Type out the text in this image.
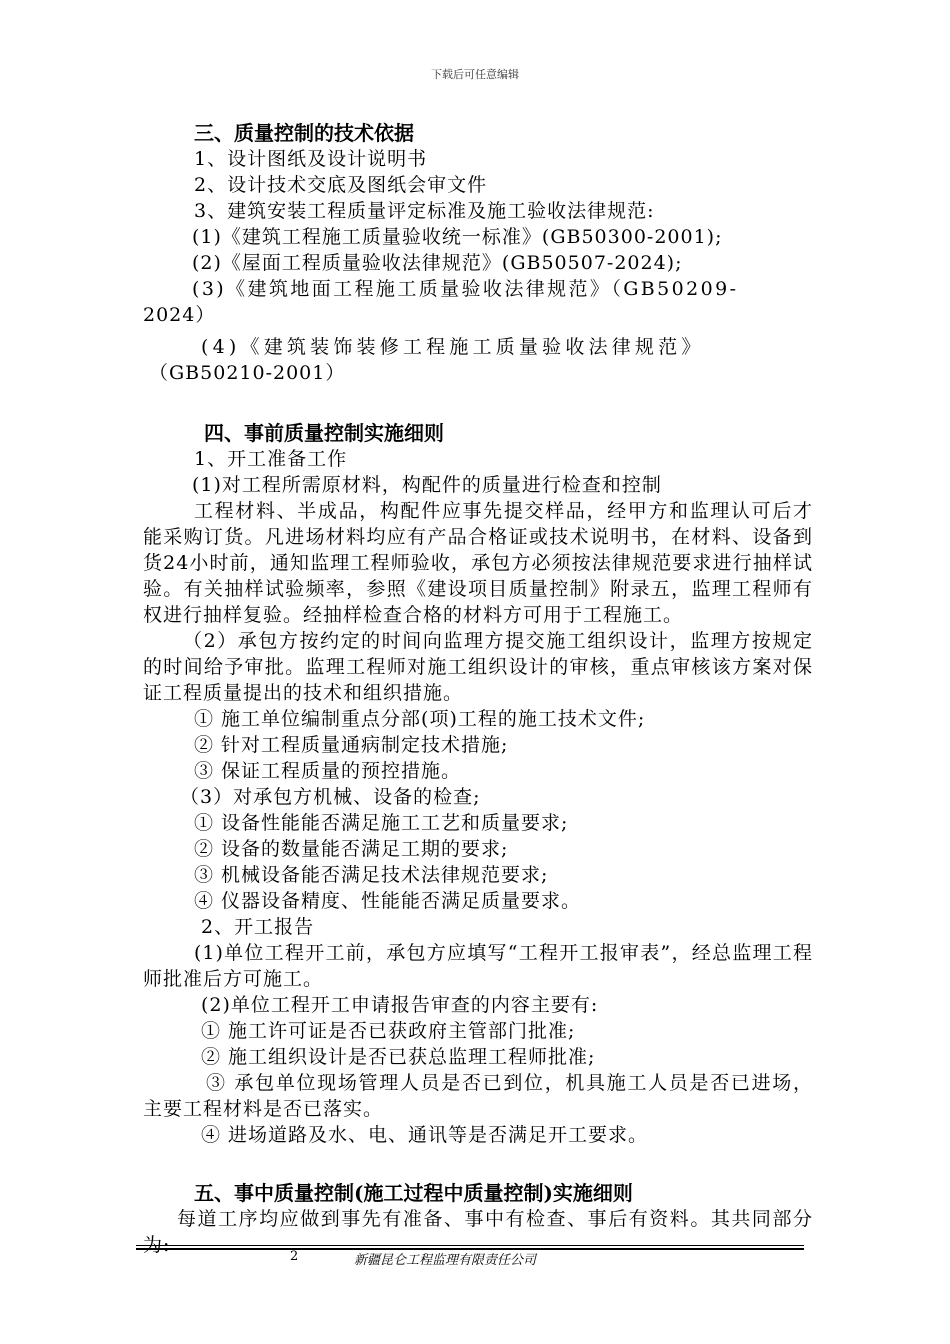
下载后可任意编辑
三、质量控制的技术依据
1、设计图纸及设计说明书
2、设计技术交底及图纸会审文件
3、建筑安装工程质量评定标准及施工验收法律规范:
(1)《建筑工程施工质量验收统一标准》(GB50300-2001);
(2)《屋面工程质量验收法律规范》(GB50507-2024);
(3)《建筑地面工程施工质量验收法律规范》（GB50209-
2024）
(4)《建筑装饰装修工程施工质量验收法律规范》
（GB50210-2001）
四、事前质量控制实施细则
1、开工准备工作
(1)对工程所需原材料，构配件的质量进行检查和控制
工程材料、半成品，构配件应事先提交样品，经甲方和监理认可后才能采购订货。凡进场材料均应有产品合格证或技术说明书，在材料、设备到货24小时前，通知监理工程师验收，承包方必须按法律规范要求进行抽样试验。有关抽样试验频率，参照《建设项目质量控制》附录五，监理工程师有权进行抽样复验。经抽样检查合格的材料方可用于工程施工。
（2）承包方按约定的时间向监理方提交施工组织设计，监理方按规定的时间给予审批。监理工程师对施工组织设计的审核，重点审核该方案对保证工程质量提出的技术和组织措施。
① 施工单位编制重点分部(项)工程的施工技术文件;
② 针对工程质量通病制定技术措施;
③ 保证工程质量的预控措施。
（3）对承包方机械、设备的检查;
① 设备性能能否满足施工工艺和质量要求;
② 设备的数量能否满足工期的要求;
③ 机械设备能否满足技术法律规范要求;
④ 仪器设备精度、性能能否满足质量要求。
2、开工报告
(1)单位工程开工前，承包方应填写“工程开工报审表”，经总监理工程师批准后方可施工。
(2)单位工程开工申请报告审查的内容主要有:
① 施工许可证是否已获政府主管部门批准;
② 施工组织设计是否已获总监理工程师批准;
③ 承包单位现场管理人员是否已到位，机具施工人员是否已进场，主要工程材料是否已落实。
④ 进场道路及水、电、通讯等是否满足开工要求。
五、事中质量控制(施工过程中质量控制)实施细则
每道工序均应做到事先有准备、事中有检查、事后有资料。其共同部分为:
2	新疆昆仑工程监理有限责任公司
